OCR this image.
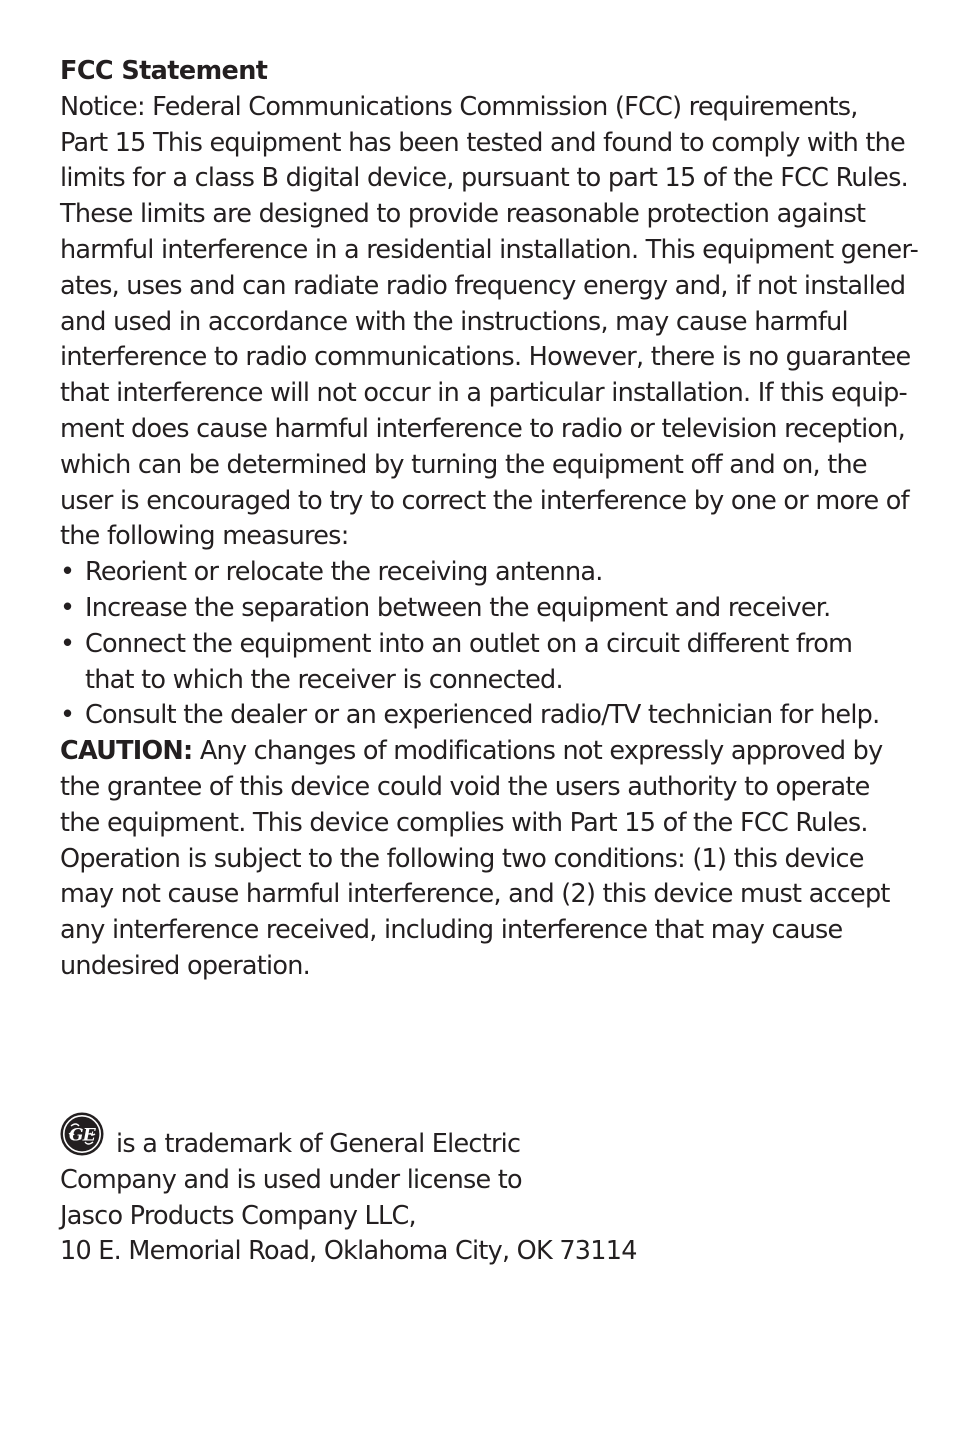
FCC Statement

Notice: Federal Communications Commission (FCC) requirements,
Part 15 This equipment has been tested and found to comply with the
limits for a class B digital device, pursuant to part 15 of the FCC Rules.
These limits are designed to provide reasonable protection against
harmful interference in a residential installation. This equipment gener-
ates, uses and can radiate radio frequency energy and, if not installed
and used in accordance with the instructions, may cause harmful
interference to radio communications. However, there is no guarantee
that interference will not occur in a particular installation. If this equip-
ment does cause harmful interference to radio or television reception,
which can be determined by turning the equipment off and on, the
user is encouraged to try to correct the interference by one or more of
the following measures:

• Reorient or relocate the receiving antenna.
• Increase the separation between the equipment and receiver.
• Connect the equipment into an outlet on a circuit different from that to which the receiver is connected.
• Consult the dealer or an experienced radio/TV technician for help.

CAUTION: Any changes of modifications not expressly approved by the grantee of this device could void the users authority to operate the equipment. This device complies with Part 15 of the FCC Rules. Operation is subject to the following two conditions: (1) this device may not cause harmful interference, and (2) this device must accept any interference received, including interference that may cause undesired operation.

GE is a trademark of General Electric
Company and is used under license to
Jasco Products Company LLC,
10 E. Memorial Road, Oklahoma City, OK 73114
